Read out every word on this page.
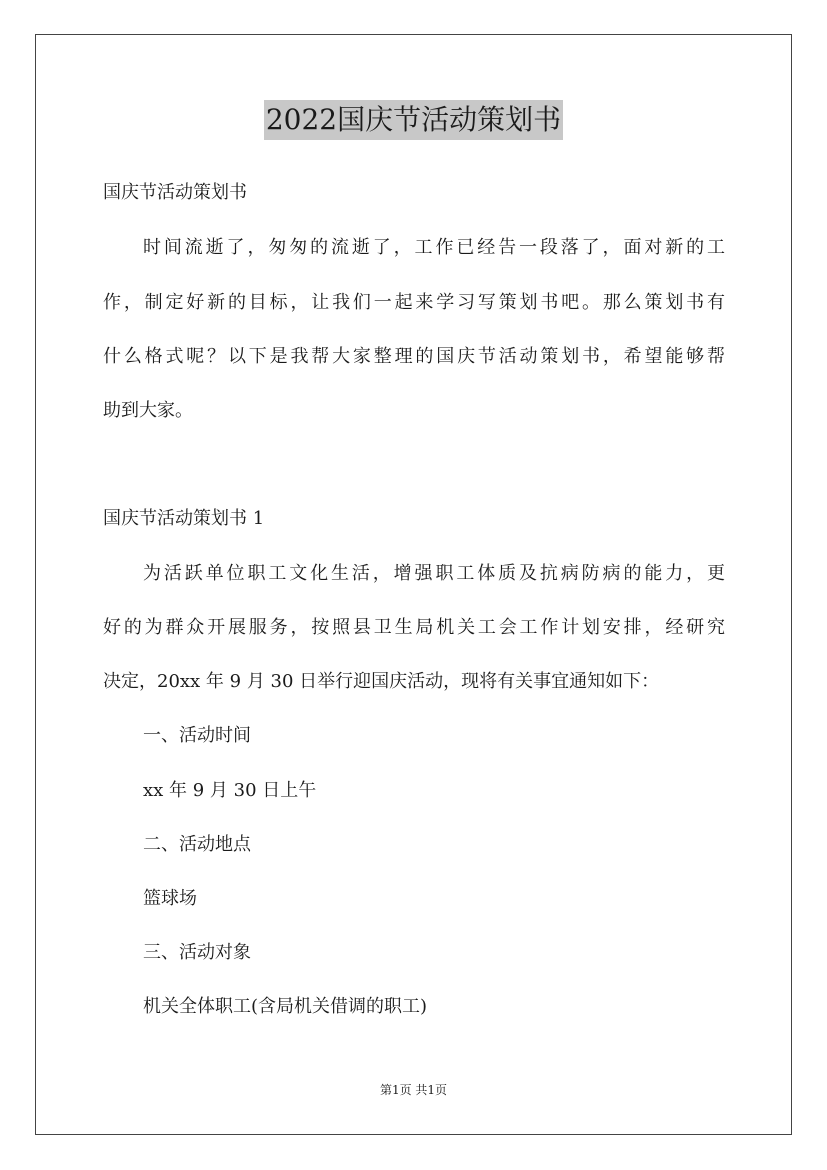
2022国庆节活动策划书
国庆节活动策划书
时间流逝了，匆匆的流逝了，工作已经告一段落了，面对新的工
作，制定好新的目标，让我们一起来学习写策划书吧。那么策划书有
什么格式呢？以下是我帮大家整理的国庆节活动策划书，希望能够帮
助到大家。
国庆节活动策划书 1
为活跃单位职工文化生活，增强职工体质及抗病防病的能力，更
好的为群众开展服务，按照县卫生局机关工会工作计划安排，经研究
决定，20xx 年 9 月 30 日举行迎国庆活动，现将有关事宜通知如下：
一、活动时间
xx 年 9 月 30 日上午
二、活动地点
篮球场
三、活动对象
机关全体职工(含局机关借调的职工)
第1页 共1页
